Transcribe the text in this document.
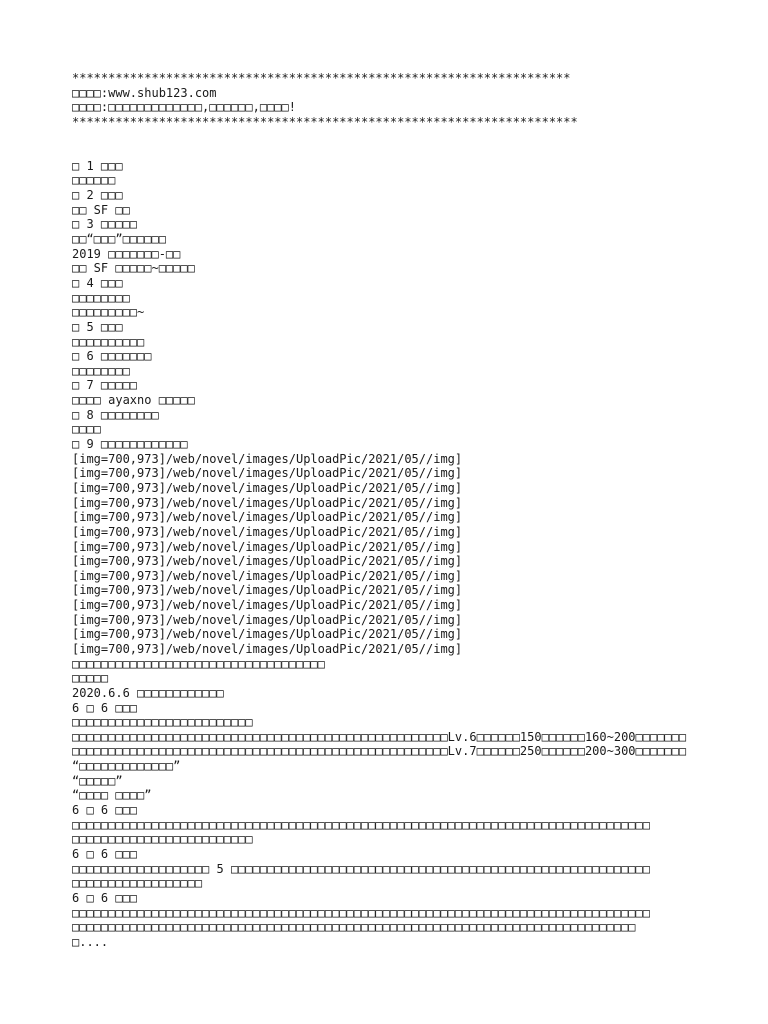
*********************************************************************
□□□□:www.shub123.com
□□□□:□□□□□□□□□□□□□,□□□□□□,□□□□!
**********************************************************************
□ 1 □□□
□□□□□□
□ 2 □□□
□□ SF □□
□ 3 □□□□□
□□“□□□”□□□□□□
2019 □□□□□□□-□□
□□ SF □□□□□~□□□□□
□ 4 □□□
□□□□□□□□
□□□□□□□□□~
□ 5 □□□
□□□□□□□□□□
□ 6 □□□□□□□
□□□□□□□□
□ 7 □□□□□
□□□□ ayaxno □□□□□
□ 8 □□□□□□□□
□□□□
□ 9 □□□□□□□□□□□□
[img=700,973]/web/novel/images/UploadPic/2021/05//img]
[img=700,973]/web/novel/images/UploadPic/2021/05//img]
[img=700,973]/web/novel/images/UploadPic/2021/05//img]
[img=700,973]/web/novel/images/UploadPic/2021/05//img]
[img=700,973]/web/novel/images/UploadPic/2021/05//img]
[img=700,973]/web/novel/images/UploadPic/2021/05//img]
[img=700,973]/web/novel/images/UploadPic/2021/05//img]
[img=700,973]/web/novel/images/UploadPic/2021/05//img]
[img=700,973]/web/novel/images/UploadPic/2021/05//img]
[img=700,973]/web/novel/images/UploadPic/2021/05//img]
[img=700,973]/web/novel/images/UploadPic/2021/05//img]
[img=700,973]/web/novel/images/UploadPic/2021/05//img]
[img=700,973]/web/novel/images/UploadPic/2021/05//img]
[img=700,973]/web/novel/images/UploadPic/2021/05//img]
□□□□□□□□□□□□□□□□□□□□□□□□□□□□□□□□□□□
□□□□□
2020.6.6 □□□□□□□□□□□□
6 □ 6 □□□
□□□□□□□□□□□□□□□□□□□□□□□□□
□□□□□□□□□□□□□□□□□□□□□□□□□□□□□□□□□□□□□□□□□□□□□□□□□□□□Lv.6□□□□□□150□□□□□□160~200□□□□□□□
□□□□□□□□□□□□□□□□□□□□□□□□□□□□□□□□□□□□□□□□□□□□□□□□□□□□Lv.7□□□□□□250□□□□□□200~300□□□□□□□
“□□□□□□□□□□□□□”
“□□□□□”
“□□□□ □□□□”
6 □ 6 □□□
□□□□□□□□□□□□□□□□□□□□□□□□□□□□□□□□□□□□□□□□□□□□□□□□□□□□□□□□□□□□□□□□□□□□□□□□□□□□□□□□
□□□□□□□□□□□□□□□□□□□□□□□□□
6 □ 6 □□□
□□□□□□□□□□□□□□□□□□□ 5 □□□□□□□□□□□□□□□□□□□□□□□□□□□□□□□□□□□□□□□□□□□□□□□□□□□□□□□□□□
□□□□□□□□□□□□□□□□□□
6 □ 6 □□□
□□□□□□□□□□□□□□□□□□□□□□□□□□□□□□□□□□□□□□□□□□□□□□□□□□□□□□□□□□□□□□□□□□□□□□□□□□□□□□□□
□□□□□□□□□□□□□□□□□□□□□□□□□□□□□□□□□□□□□□□□□□□□□□□□□□□□□□□□□□□□□□□□□□□□□□□□□□□□□□
□....
